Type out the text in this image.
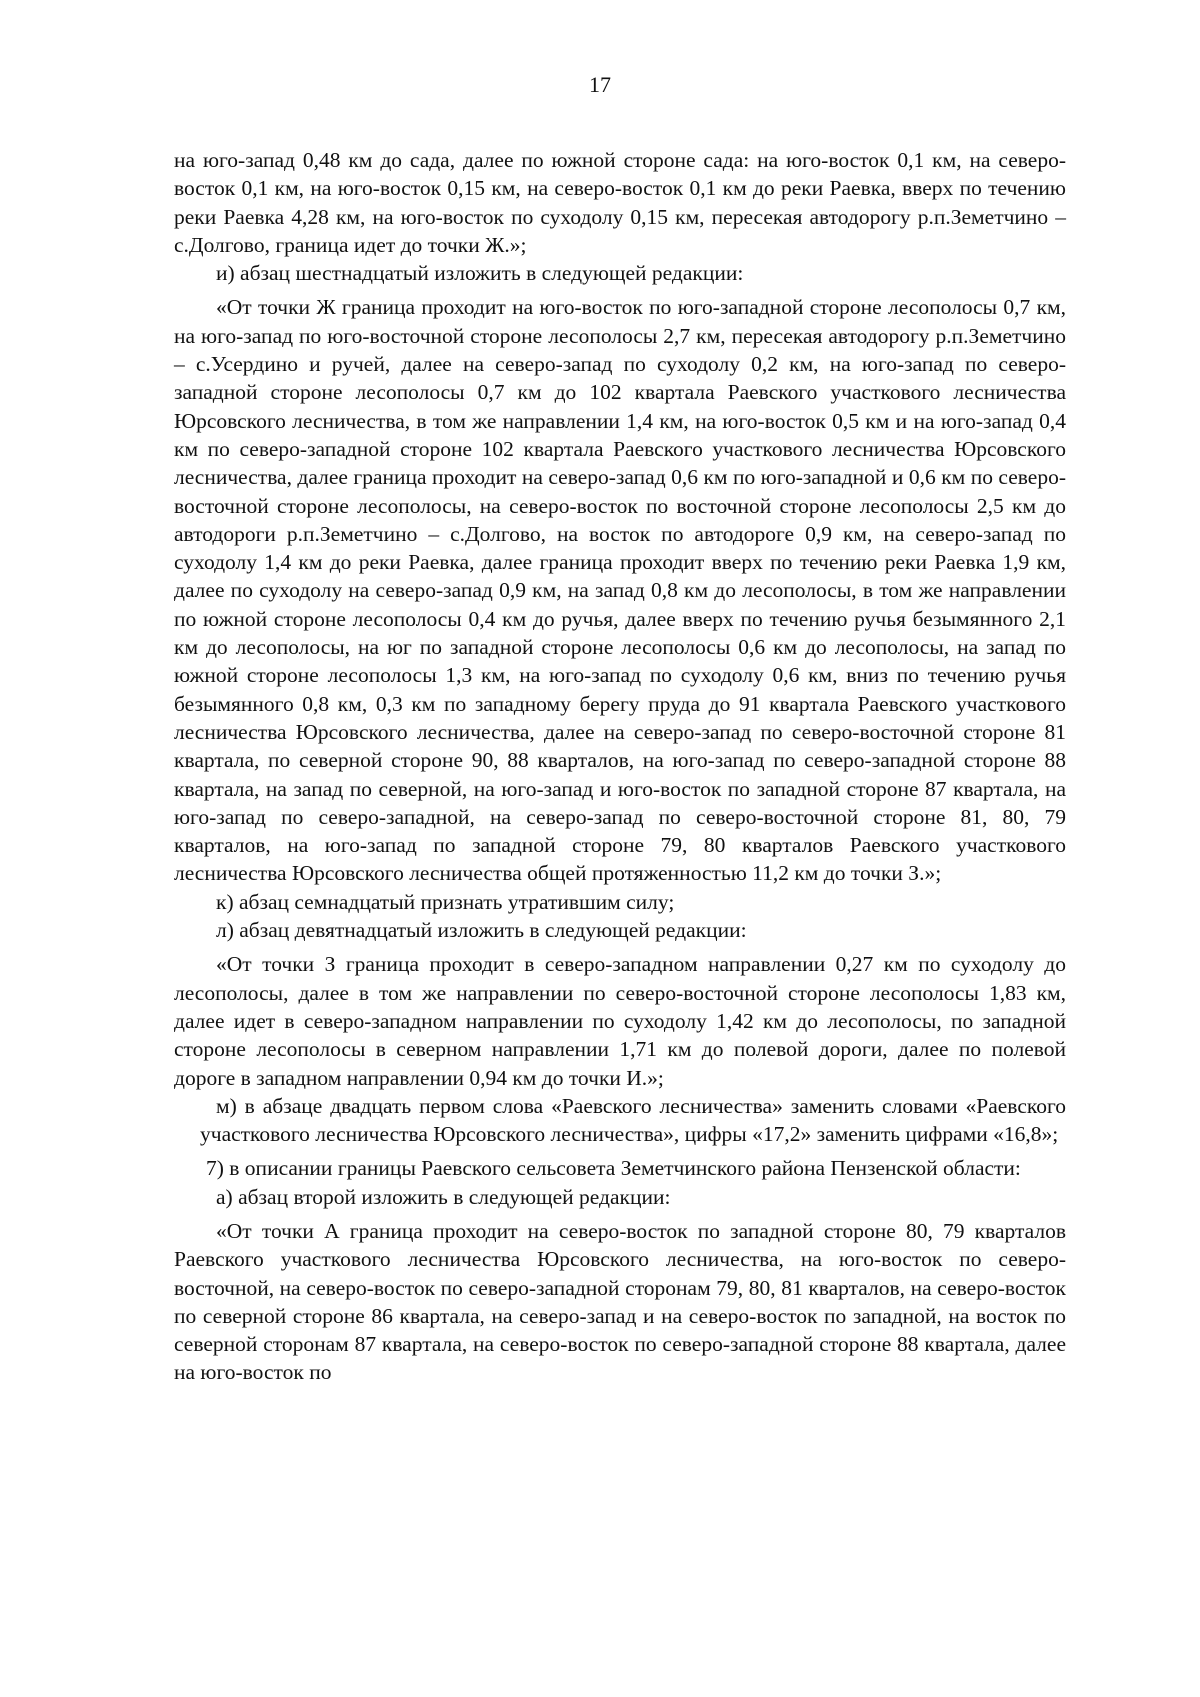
17

на юго-запад 0,48 км до сада, далее по южной стороне сада: на юго-восток 0,1 км, на северо-восток 0,1 км, на юго-восток 0,15 км, на северо-восток 0,1 км до реки Раевка, вверх по течению реки Раевка 4,28 км, на юго-восток по суходолу 0,15 км, пересекая автодорогу р.п.Земетчино – с.Долгово, граница идет до точки Ж.»;

и) абзац шестнадцатый изложить в следующей редакции:

«От точки Ж граница проходит на юго-восток по юго-западной стороне лесополосы 0,7 км, на юго-запад по юго-восточной стороне лесополосы 2,7 км, пересекая автодорогу р.п.Земетчино – с.Усердино и ручей, далее на северо-запад по суходолу 0,2 км, на юго-запад по северо-западной стороне лесополосы 0,7 км до 102 квартала Раевского участкового лесничества Юрсовского лесничества, в том же направлении 1,4 км, на юго-восток 0,5 км и на юго-запад 0,4 км по северо-западной стороне 102 квартала Раевского участкового лесничества Юрсовского лесничества, далее граница проходит на северо-запад 0,6 км по юго-западной и 0,6 км по северо-восточной стороне лесополосы, на северо-восток по восточной стороне лесополосы 2,5 км до автодороги р.п.Земетчино – с.Долгово, на восток по автодороге 0,9 км, на северо-запад по суходолу 1,4 км до реки Раевка, далее граница проходит вверх по течению реки Раевка 1,9 км, далее по суходолу на северо-запад 0,9 км, на запад 0,8 км до лесополосы, в том же направлении по южной стороне лесополосы 0,4 км до ручья, далее вверх по течению ручья безымянного 2,1 км до лесополосы, на юг по западной стороне лесополосы 0,6 км до лесополосы, на запад по южной стороне лесополосы 1,3 км, на юго-запад по суходолу 0,6 км, вниз по течению ручья безымянного 0,8 км, 0,3 км по западному берегу пруда до 91 квартала Раевского участкового лесничества Юрсовского лесничества, далее на северо-запад по северо-восточной стороне 81 квартала, по северной стороне 90, 88 кварталов, на юго-запад по северо-западной стороне 88 квартала, на запад по северной, на юго-запад и юго-восток по западной стороне 87 квартала, на юго-запад по северо-западной, на северо-запад по северо-восточной стороне 81, 80, 79 кварталов, на юго-запад по западной стороне 79, 80 кварталов Раевского участкового лесничества Юрсовского лесничества общей протяженностью 11,2 км до точки З.»;

к) абзац семнадцатый признать утратившим силу;

л) абзац девятнадцатый изложить в следующей редакции:

«От точки З граница проходит в северо-западном направлении 0,27 км по суходолу до лесополосы, далее в том же направлении по северо-восточной стороне лесополосы 1,83 км, далее идет в северо-западном направлении по суходолу 1,42 км до лесополосы, по западной стороне лесополосы в северном направлении 1,71 км до полевой дороги, далее по полевой дороге в западном направлении 0,94 км до точки И.»;

м) в абзаце двадцать первом слова «Раевского лесничества» заменить словами «Раевского участкового лесничества Юрсовского лесничества», цифры «17,2» заменить цифрами «16,8»;

7) в описании границы Раевского сельсовета Земетчинского района Пензенской области:

а) абзац второй изложить в следующей редакции:

«От точки А граница проходит на северо-восток по западной стороне 80, 79 кварталов Раевского участкового лесничества Юрсовского лесничества, на юго-восток по северо-восточной, на северо-восток по северо-западной сторонам 79, 80, 81 кварталов, на северо-восток по северной стороне 86 квартала, на северо-запад и на северо-восток по западной, на восток по северной сторонам 87 квартала, на северо-восток по северо-западной стороне 88 квартала, далее на юго-восток по
